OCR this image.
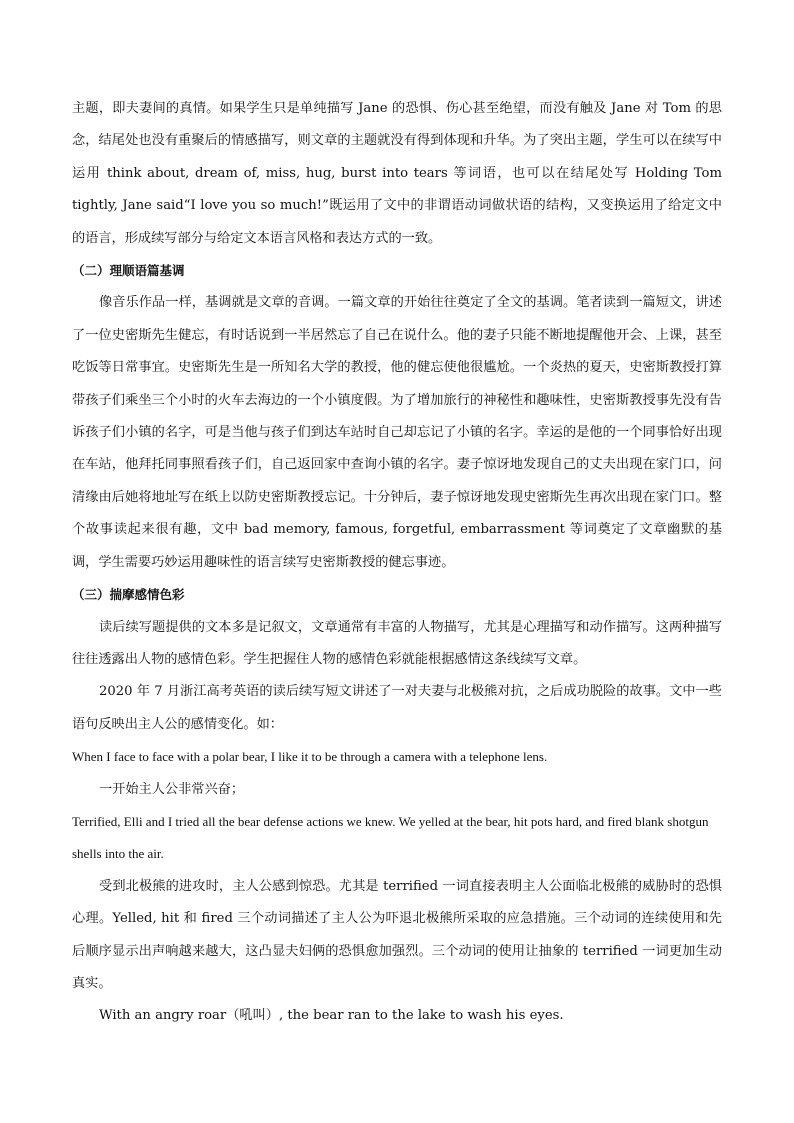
主题，即夫妻间的真情。如果学生只是单纯描写 Jane 的恐惧、伤心甚至绝望，而没有触及 Jane 对 Tom 的思念，结尾处也没有重聚后的情感描写，则文章的主题就没有得到体现和升华。为了突出主题，学生可以在续写中运用 think about, dream of, miss, hug, burst into tears 等词语，也可以在结尾处写 Holding Tom tightly, Jane said“I love you so much!”既运用了文中的非谓语动词做状语的结构，又变换运用了给定文中的语言，形成续写部分与给定文本语言风格和表达方式的一致。

（二）理顺语篇基调

像音乐作品一样，基调就是文章的音调。一篇文章的开始往往奠定了全文的基调。笔者读到一篇短文，讲述了一位史密斯先生健忘，有时话说到一半居然忘了自己在说什么。他的妻子只能不断地提醒他开会、上课，甚至吃饭等日常事宜。史密斯先生是一所知名大学的教授，他的健忘使他很尴尬。一个炎热的夏天，史密斯教授打算带孩子们乘坐三个小时的火车去海边的一个小镇度假。为了增加旅行的神秘性和趣味性，史密斯教授事先没有告诉孩子们小镇的名字，可是当他与孩子们到达车站时自己却忘记了小镇的名字。幸运的是他的一个同事恰好出现在车站，他拜托同事照看孩子们，自己返回家中查询小镇的名字。妻子惊讶地发现自己的丈夫出现在家门口，问清缘由后她将地址写在纸上以防史密斯教授忘记。十分钟后，妻子惊讶地发现史密斯先生再次出现在家门口。整个故事读起来很有趣，文中 bad memory, famous, forgetful, embarrassment 等词奠定了文章幽默的基调，学生需要巧妙运用趣味性的语言续写史密斯教授的健忘事迹。

（三）揣摩感情色彩

读后续写题提供的文本多是记叙文，文章通常有丰富的人物描写，尤其是心理描写和动作描写。这两种描写往往透露出人物的感情色彩。学生把握住人物的感情色彩就能根据感情这条线续写文章。

2020 年 7 月浙江高考英语的读后续写短文讲述了一对夫妻与北极熊对抗，之后成功脱险的故事。文中一些语句反映出主人公的感情变化。如：

When I face to face with a polar bear, I like it to be through a camera with a telephone lens.

一开始主人公非常兴奋；

Terrified, Elli and I tried all the bear defense actions we knew. We yelled at the bear, hit pots hard, and fired blank shotgun shells into the air.

受到北极熊的进攻时，主人公感到惊恐。尤其是 terrified 一词直接表明主人公面临北极熊的威胁时的恐惧心理。Yelled, hit 和 fired 三个动词描述了主人公为吓退北极熊所采取的应急措施。三个动词的连续使用和先后顺序显示出声响越来越大，这凸显夫妇俩的恐惧愈加强烈。三个动词的使用让抽象的 terrified 一词更加生动真实。

With an angry roar（吼叫）, the bear ran to the lake to wash his eyes.
